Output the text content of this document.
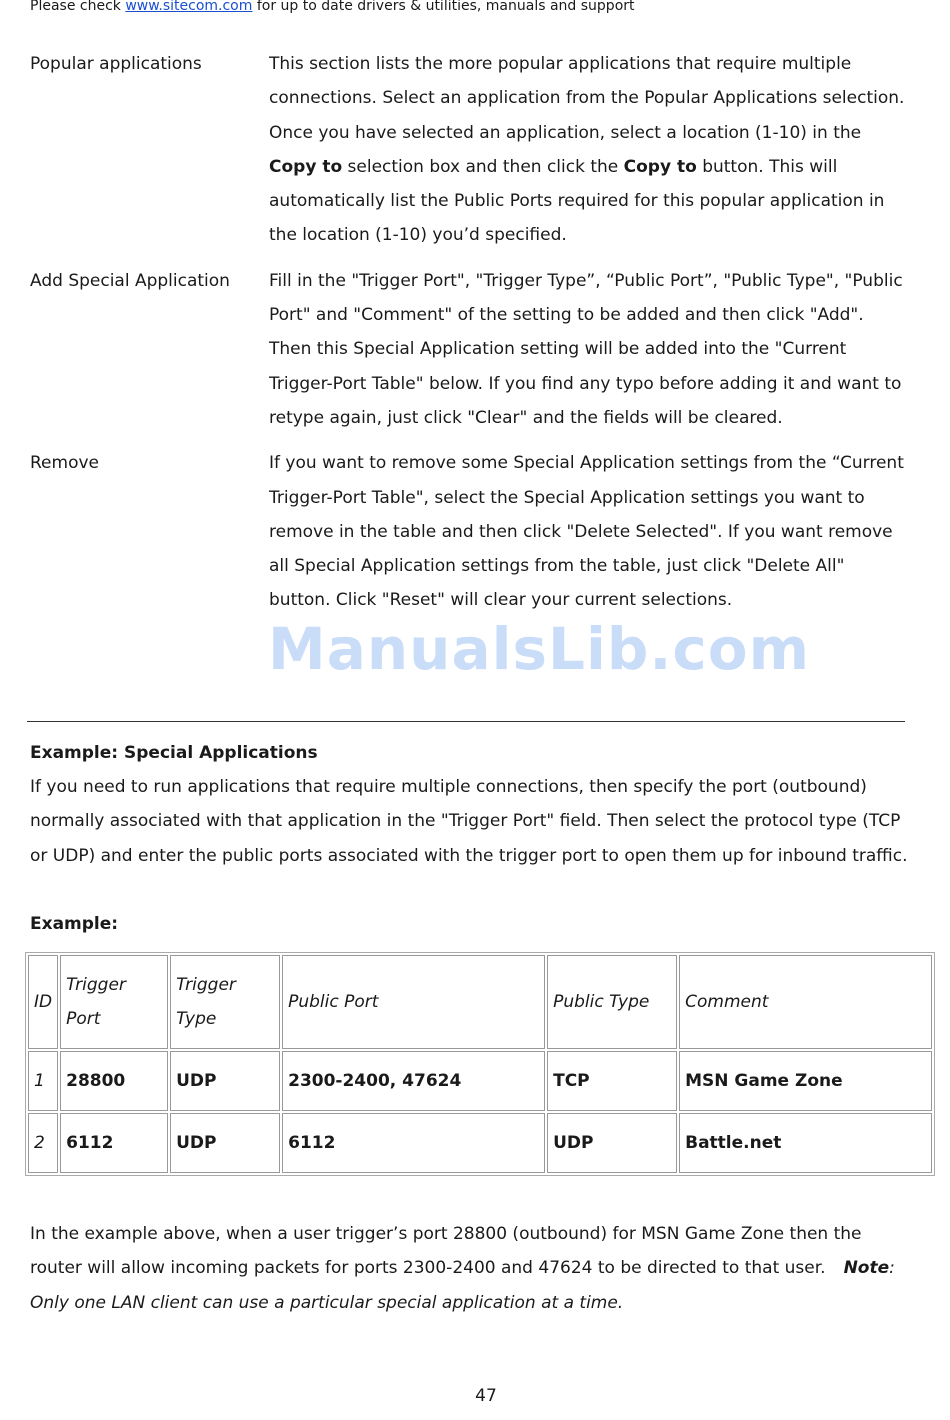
Please check www.sitecom.com for up to date drivers & utilities, manuals and support
Popular applications	This section lists the more popular applications that require multiple connections. Select an application from the Popular Applications selection. Once you have selected an application, select a location (1-10) in the Copy to selection box and then click the Copy to button. This will automatically list the Public Ports required for this popular application in the location (1-10) you’d specified.
Add Special Application	Fill in the "Trigger Port", "Trigger Type”, “Public Port”, "Public Type", "Public Port" and "Comment" of the setting to be added and then click "Add". Then this Special Application setting will be added into the "Current Trigger-Port Table" below. If you find any typo before adding it and want to retype again, just click "Clear" and the fields will be cleared.
Remove	If you want to remove some Special Application settings from the “Current Trigger-Port Table", select the Special Application settings you want to remove in the table and then click "Delete Selected". If you want remove all Special Application settings from the table, just click "Delete All" button. Click "Reset" will clear your current selections.
ManualsLib.com
Example: Special Applications
If you need to run applications that require multiple connections, then specify the port (outbound) normally associated with that application in the "Trigger Port" field. Then select the protocol type (TCP or UDP) and enter the public ports associated with the trigger port to open them up for inbound traffic.
Example:
ID	Trigger Port	Trigger Type	Public Port	Public Type	Comment
1	28800	UDP	2300-2400, 47624	TCP	MSN Game Zone
2	6112	UDP	6112	UDP	Battle.net
In the example above, when a user trigger’s port 28800 (outbound) for MSN Game Zone then the router will allow incoming packets for ports 2300-2400 and 47624 to be directed to that user. Note: Only one LAN client can use a particular special application at a time.
47
